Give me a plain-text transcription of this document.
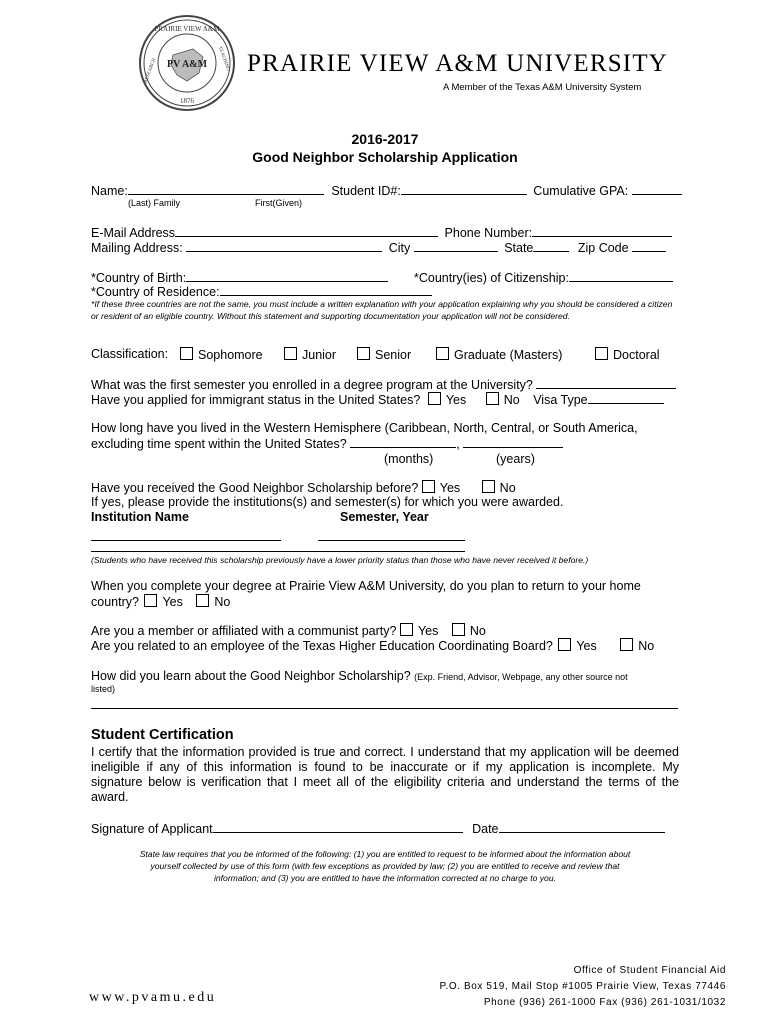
PV A&M
PRAIRIE VIEW A&M
RESEARCH	TEACHING
1876
PRAIRIE VIEW A&M UNIVERSITY
A Member of the Texas A&M University System
2016-2017
Good Neighbor Scholarship Application
Name:	Student ID#:	Cumulative GPA:
(Last) Family	First(Given)
E-Mail Address	Phone Number:
Mailing Address:	City	State	Zip Code
*Country of Birth:	*Country(ies) of Citizenship:
*Country of Residence:
*If these three countries are not the same, you must include a written explanation with your application explaining why you should be considered a citizen or resident of an eligible country. Without this statement and supporting documentation your application will not be considered.
Classification:	Sophomore	Junior	Senior	Graduate (Masters)	Doctoral
What was the first semester you enrolled in a degree program at the University?
Have you applied for immigrant status in the United States? Yes	No Visa Type
How long have you lived in the Western Hemisphere (Caribbean, North, Central, or South America,
excluding time spent within the United States?	,
(months)	(years)
Have you received the Good Neighbor Scholarship before? Yes	No
If yes, please provide the institutions(s) and semester(s) for which you were awarded.
Institution Name	Semester, Year
(Students who have received this scholarship previously have a lower priority status than those who have never received it before.)
When you complete your degree at Prairie View A&M University, do you plan to return to your home
country? Yes	No
Are you a member or affiliated with a communist party? Yes	No
Are you related to an employee of the Texas Higher Education Coordinating Board? Yes	No
How did you learn about the Good Neighbor Scholarship? (Exp. Friend, Advisor, Webpage, any other source not
listed)
Student Certification
I certify that the information provided is true and correct. I understand that my application will be deemed
ineligible if any of this information is found to be inaccurate or if my application is incomplete. My
signature below is verification that I meet all of the eligibility criteria and understand the terms of the
award.
Signature of Applicant	Date
State law requires that you be informed of the following: (1) you are entitled to request to be informed about the information about
yourself collected by use of this form (with few exceptions as provided by law; (2) you are entitled to receive and review that
information; and (3) you are entitled to have the information corrected at no charge to you.
Office of Student Financial Aid
P.O. Box 519, Mail Stop #1005 Prairie View, Texas 77446
Phone (936) 261-1000 Fax (936) 261-1031/1032
www.pvamu.edu
